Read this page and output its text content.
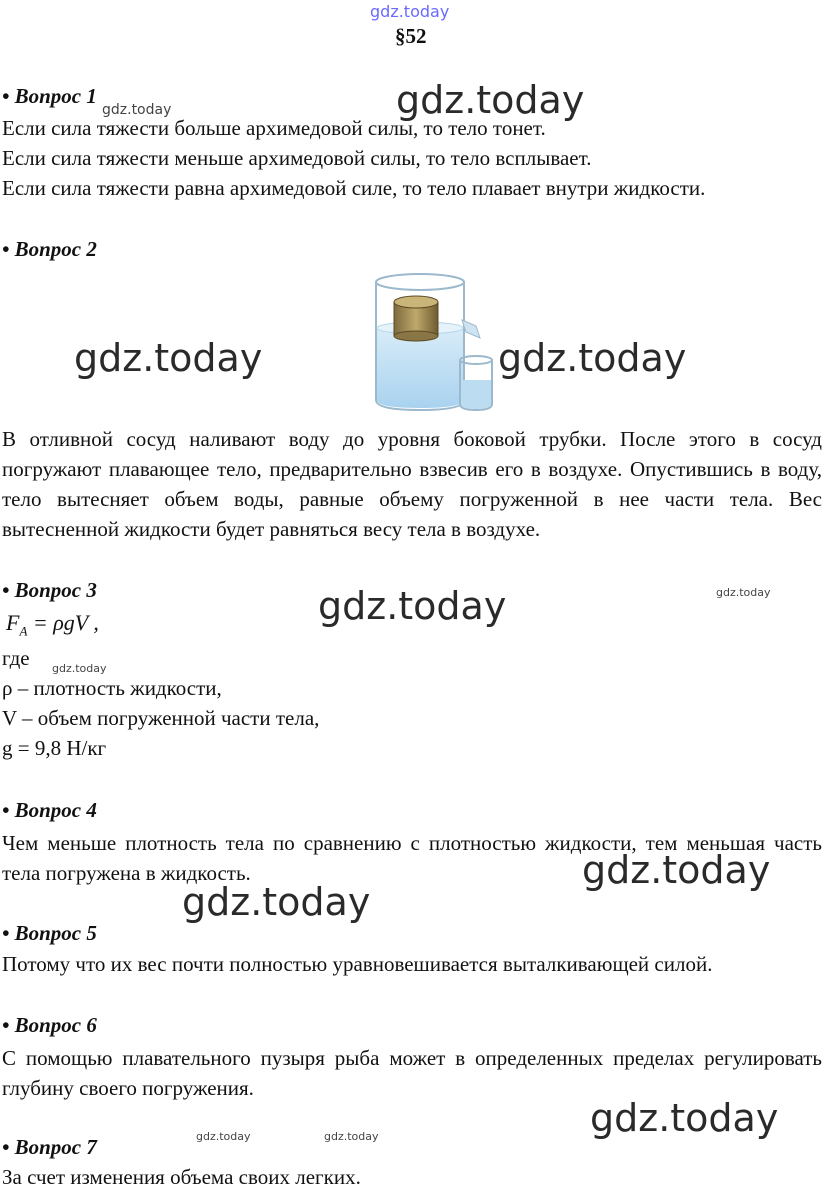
gdz.today
§52
• Вопрос 1
Если сила тяжести больше архимедовой силы, то тело тонет.
Если сила тяжести меньше архимедовой силы, то тело всплывает.
Если сила тяжести равна архимедовой силе, то тело плавает внутри жидкости.
• Вопрос 2
В отливной сосуд наливают воду до уровня боковой трубки. После этого в сосуд погружают плавающее тело, предварительно взвесив его в воздухе. Опустившись в воду, тело вытесняет объем воды, равные объему погруженной в нее части тела. Вес вытесненной жидкости будет равняться весу тела в воздухе.
• Вопрос 3
$F_A = \rho gV$ ,
где
ρ – плотность жидкости,
V – объем погруженной части тела,
g = 9,8 Н/кг
• Вопрос 4
Чем меньше плотность тела по сравнению с плотностью жидкости, тем меньшая часть тела погружена в жидкость.
• Вопрос 5
Потому что их вес почти полностью уравновешивается выталкивающей силой.
• Вопрос 6
С помощью плавательного пузыря рыба может в определенных пределах регулировать глубину своего погружения.
• Вопрос 7
За счет изменения объема своих легких.
gdz.today
gdz.today
gdz.today	gdz.today
gdz.today	gdz.today
gdz.today
gdz.today
gdz.today
gdz.today
gdz.today	gdz.today
